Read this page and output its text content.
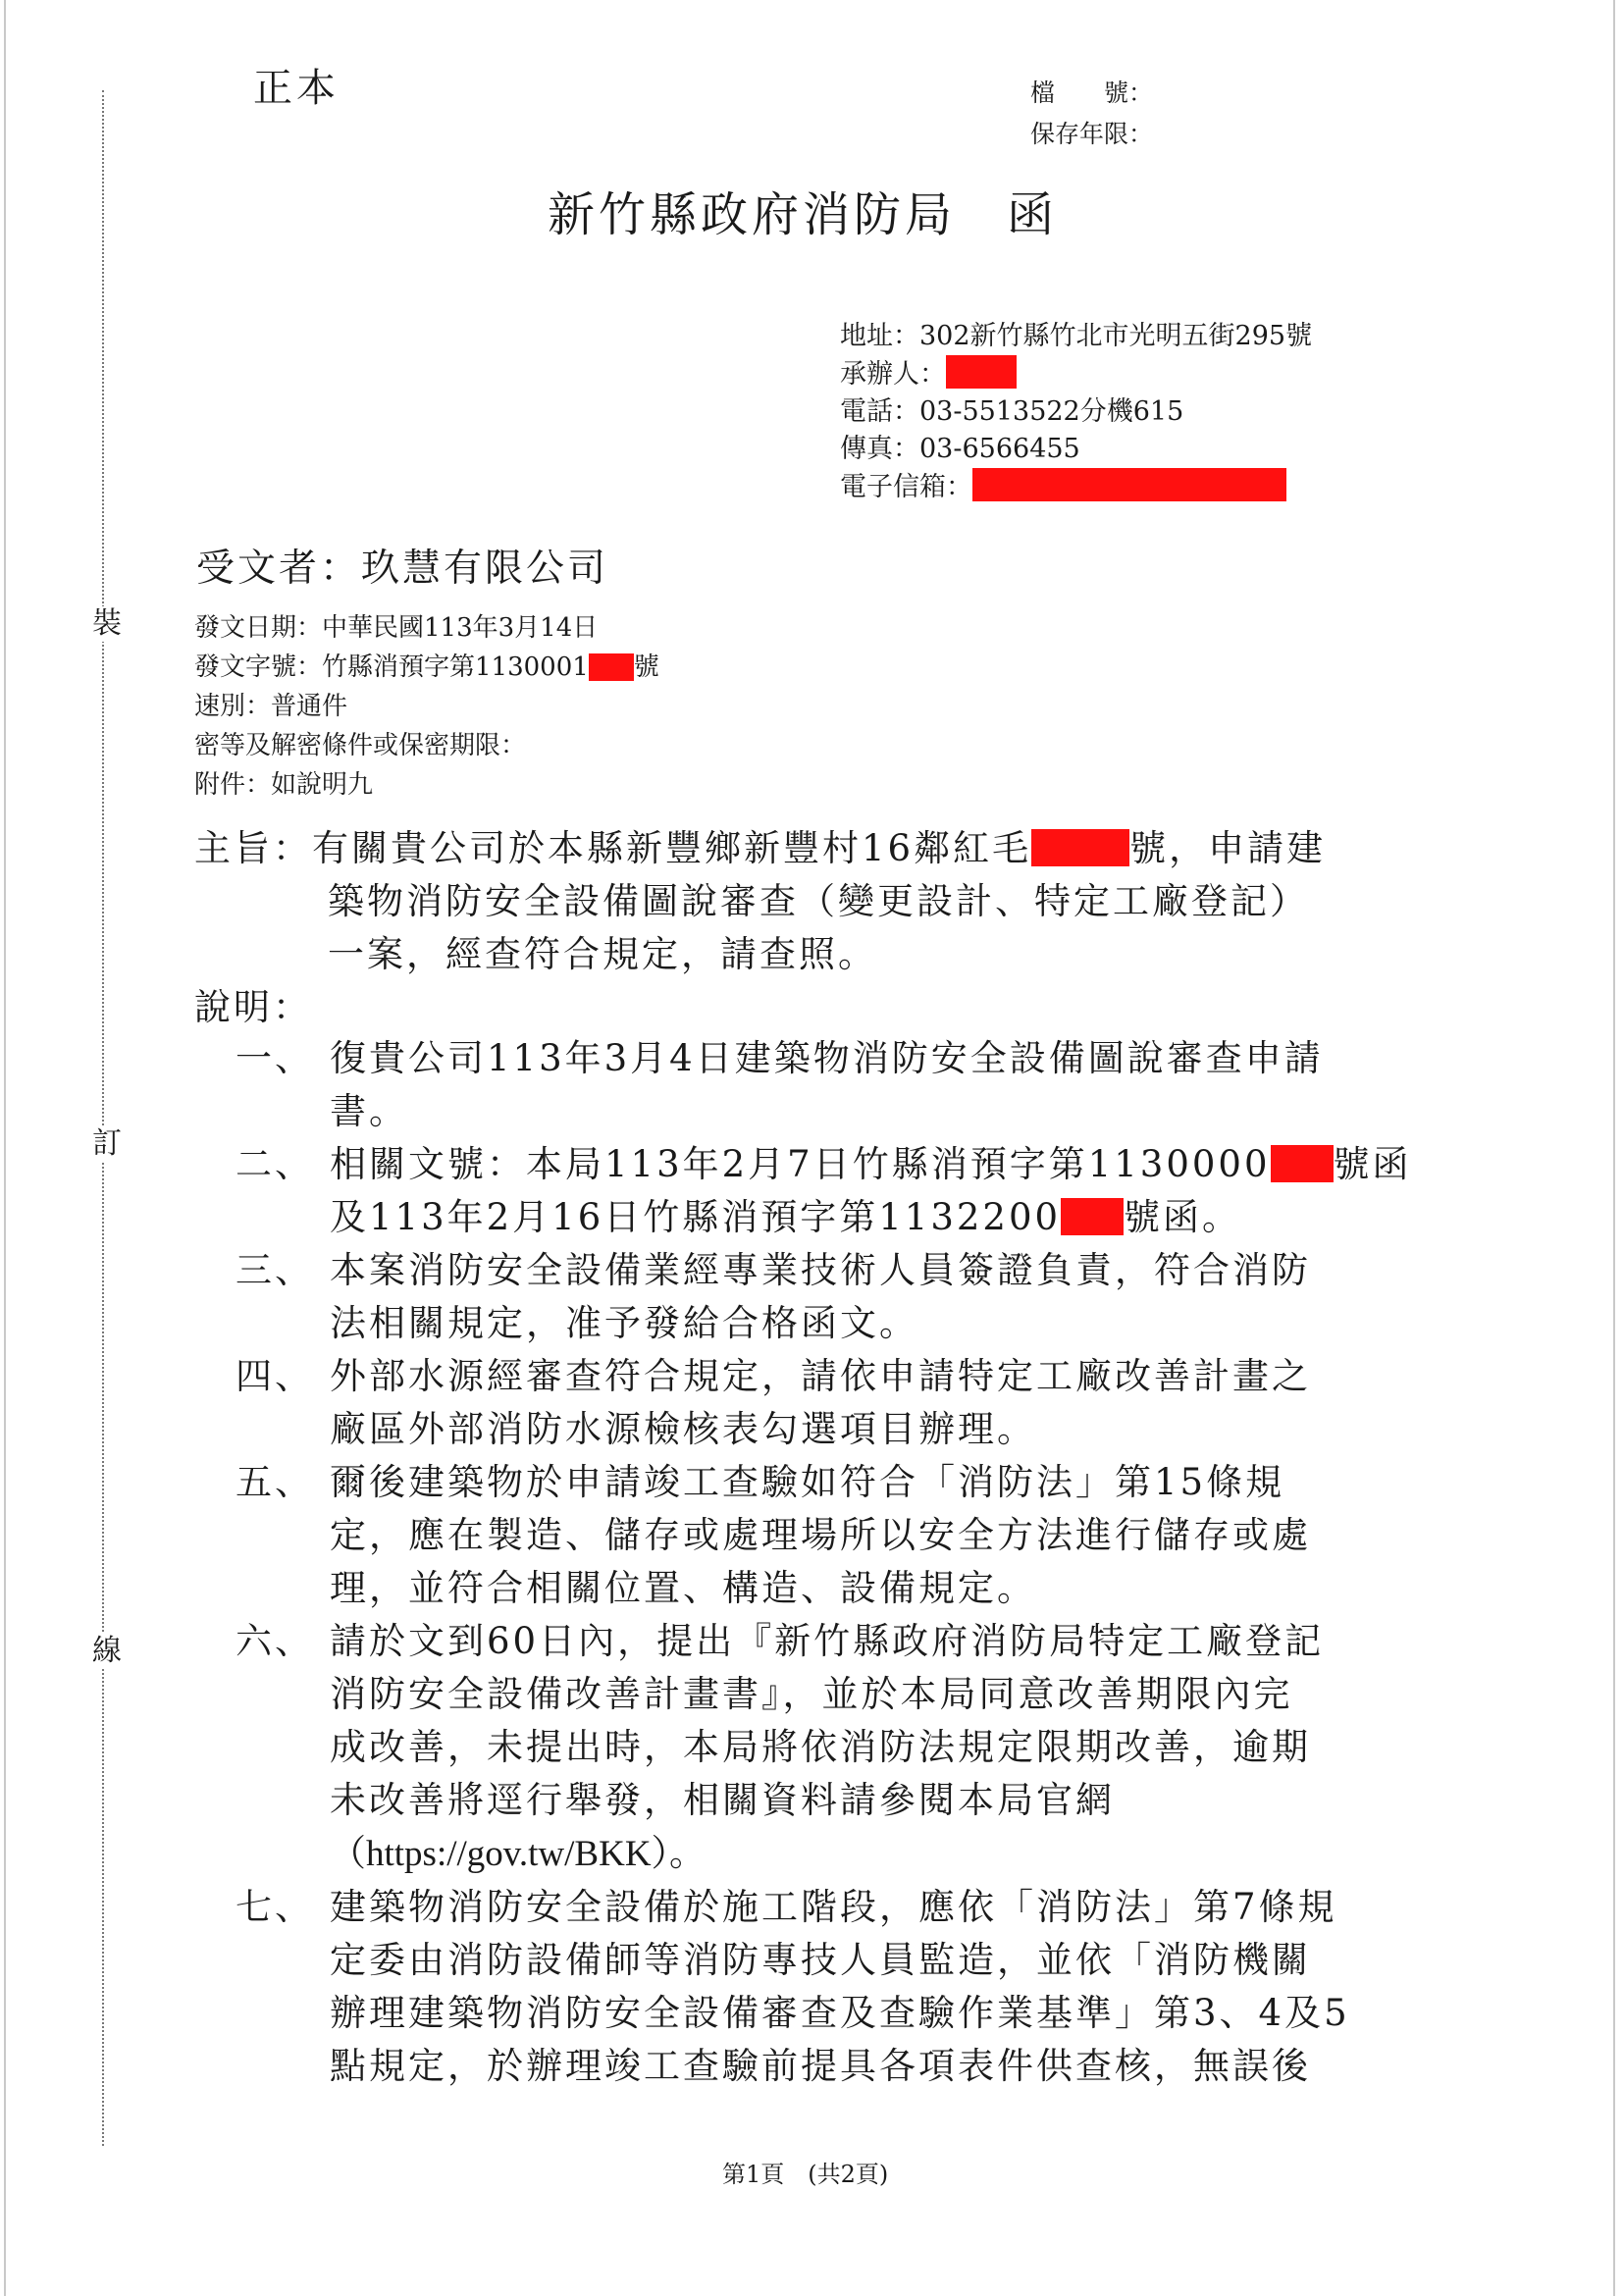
裝
訂
線
正本	檔　　號：
保存年限：
新竹縣政府消防局　函
地址：302新竹縣竹北市光明五街295號
承辦人：
電話：03-5513522分機615
傳真：03-6566455
電子信箱：
受文者：玖慧有限公司
發文日期：中華民國113年3月14日
發文字號：竹縣消預字第1130001 號
速別：普通件
密等及解密條件或保密期限：
附件：如說明九
主旨：有關貴公司於本縣新豐鄉新豐村16鄰紅毛	號，申請建
築物消防安全設備圖說審查（變更設計、特定工廠登記）
一案，經查符合規定，請查照。
說明：
一、 復貴公司113年3月4日建築物消防安全設備圖說審查申請
書。
二、 相關文號：本局113年2月7日竹縣消預字第1130000 號函
及113年2月16日竹縣消預字第1132200 號函。
三、 本案消防安全設備業經專業技術人員簽證負責，符合消防
法相關規定，准予發給合格函文。
四、 外部水源經審查符合規定，請依申請特定工廠改善計畫之
廠區外部消防水源檢核表勾選項目辦理。
五、 爾後建築物於申請竣工查驗如符合「消防法」第15條規
定，應在製造、儲存或處理場所以安全方法進行儲存或處
理，並符合相關位置、構造、設備規定。
六、 請於文到60日內，提出『新竹縣政府消防局特定工廠登記
消防安全設備改善計畫書』，並於本局同意改善期限內完
成改善，未提出時，本局將依消防法規定限期改善，逾期
未改善將逕行舉發，相關資料請參閱本局官網
（https://gov.tw/BKK）。
七、 建築物消防安全設備於施工階段，應依「消防法」第7條規
定委由消防設備師等消防專技人員監造，並依「消防機關
辦理建築物消防安全設備審查及查驗作業基準」第3、4及5
點規定，於辦理竣工查驗前提具各項表件供查核，無誤後
第1頁　(共2頁)
